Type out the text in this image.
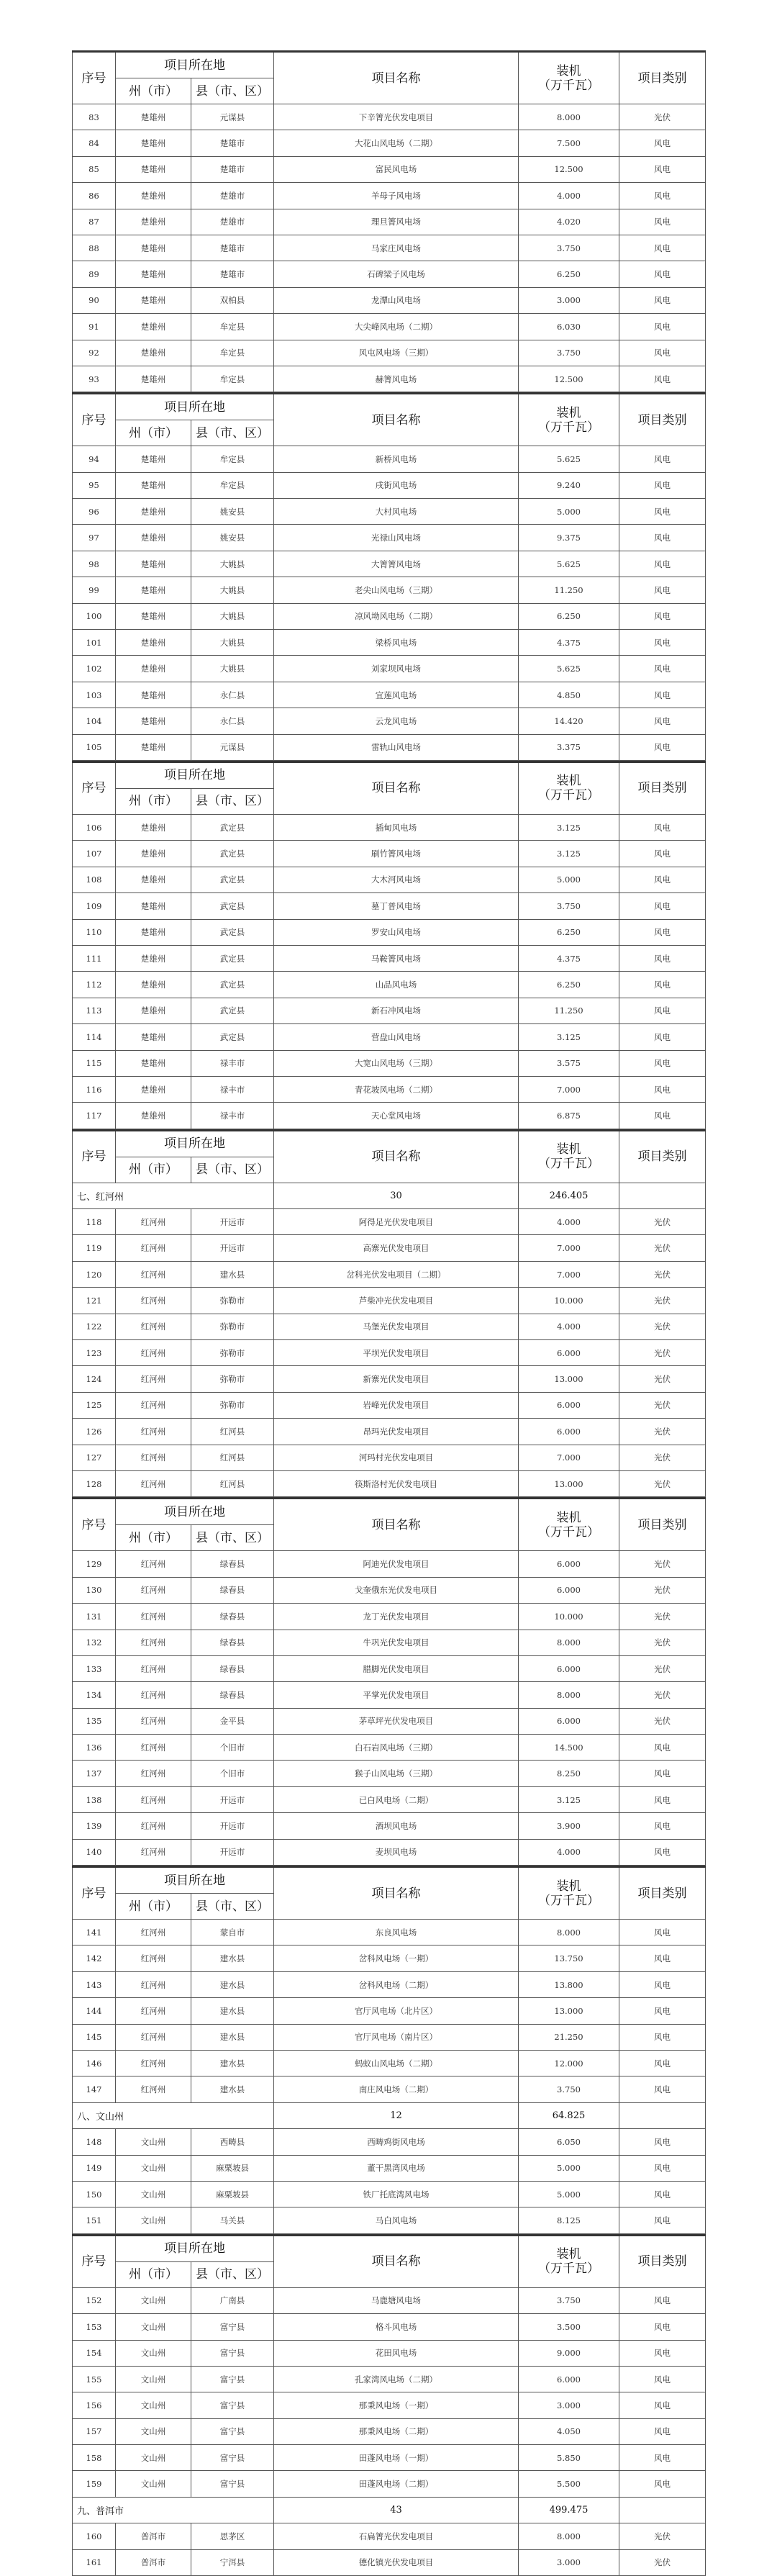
序号	项目所在地		项目名称	装机
（万千瓦）	项目类别
	州（市）	县（市、区）			
83	楚雄州	元谋县	下辛箐光伏发电项目	8.000	光伏
84	楚雄州	楚雄市	大花山风电场（二期）	7.500	风电
85	楚雄州	楚雄市	富民风电场	12.500	风电
86	楚雄州	楚雄市	羊母子风电场	4.000	风电
87	楚雄州	楚雄市	理旦箐风电场	4.020	风电
88	楚雄州	楚雄市	马家庄风电场	3.750	风电
89	楚雄州	楚雄市	石碑梁子风电场	6.250	风电
90	楚雄州	双柏县	龙潭山风电场	3.000	风电
91	楚雄州	牟定县	大尖峰风电场（二期）	6.030	风电
92	楚雄州	牟定县	风屯风电场（三期）	3.750	风电
93	楚雄州	牟定县	赫箐风电场	12.500	风电
序号	项目所在地		项目名称	装机
（万千瓦）	项目类别
	州（市）	县（市、区）			
94	楚雄州	牟定县	新桥风电场	5.625	风电
95	楚雄州	牟定县	戌街风电场	9.240	风电
96	楚雄州	姚安县	大村风电场	5.000	风电
97	楚雄州	姚安县	光禄山风电场	9.375	风电
98	楚雄州	大姚县	大箐箐风电场	5.625	风电
99	楚雄州	大姚县	老尖山风电场（三期）	11.250	风电
100	楚雄州	大姚县	凉风坳风电场（二期）	6.250	风电
101	楚雄州	大姚县	梁桥风电场	4.375	风电
102	楚雄州	大姚县	刘家坝风电场	5.625	风电
103	楚雄州	永仁县	宜莲风电场	4.850	风电
104	楚雄州	永仁县	云龙风电场	14.420	风电
105	楚雄州	元谋县	雷轨山风电场	3.375	风电
序号	项目所在地		项目名称	装机
（万千瓦）	项目类别
	州（市）	县（市、区）			
106	楚雄州	武定县	插甸风电场	3.125	风电
107	楚雄州	武定县	刷竹箐风电场	3.125	风电
108	楚雄州	武定县	大木河风电场	5.000	风电
109	楚雄州	武定县	墓丁普风电场	3.750	风电
110	楚雄州	武定县	罗安山风电场	6.250	风电
111	楚雄州	武定县	马鞍箐风电场	4.375	风电
112	楚雄州	武定县	山品风电场	6.250	风电
113	楚雄州	武定县	新石冲风电场	11.250	风电
114	楚雄州	武定县	营盘山风电场	3.125	风电
115	楚雄州	禄丰市	大宽山风电场（三期）	3.575	风电
116	楚雄州	禄丰市	青花坡风电场（二期）	7.000	风电
117	楚雄州	禄丰市	天心堂风电场	6.875	风电
序号	项目所在地		项目名称	装机
（万千瓦）	项目类别
	州（市）	县（市、区）			
七、红河州			30	246.405	
118	红河州	开远市	阿得足光伏发电项目	4.000	光伏
119	红河州	开远市	高寨光伏发电项目	7.000	光伏
120	红河州	建水县	岔科光伏发电项目（二期）	7.000	光伏
121	红河州	弥勒市	芦柴冲光伏发电项目	10.000	光伏
122	红河州	弥勒市	马堡光伏发电项目	4.000	光伏
123	红河州	弥勒市	平坝光伏发电项目	6.000	光伏
124	红河州	弥勒市	新寨光伏发电项目	13.000	光伏
125	红河州	弥勒市	岩峰光伏发电项目	6.000	光伏
126	红河州	红河县	昂玛光伏发电项目	6.000	光伏
127	红河州	红河县	河玛村光伏发电项目	7.000	光伏
128	红河州	红河县	筷斯洛村光伏发电项目	13.000	光伏
序号	项目所在地		项目名称	装机
（万千瓦）	项目类别
	州（市）	县（市、区）			
129	红河州	绿春县	阿迪光伏发电项目	6.000	光伏
130	红河州	绿春县	戈奎俄东光伏发电项目	6.000	光伏
131	红河州	绿春县	龙丁光伏发电项目	10.000	光伏
132	红河州	绿春县	牛巩光伏发电项目	8.000	光伏
133	红河州	绿春县	腊脚光伏发电项目	6.000	光伏
134	红河州	绿春县	平掌光伏发电项目	8.000	光伏
135	红河州	金平县	茅草坪光伏发电项目	6.000	光伏
136	红河州	个旧市	白石岩风电场（三期）	14.500	风电
137	红河州	个旧市	猴子山风电场（三期）	8.250	风电
138	红河州	开远市	已白风电场（二期）	3.125	风电
139	红河州	开远市	酒坝风电场	3.900	风电
140	红河州	开远市	麦坝风电场	4.000	风电
序号	项目所在地		项目名称	装机
（万千瓦）	项目类别
	州（市）	县（市、区）			
141	红河州	蒙自市	东良风电场	8.000	风电
142	红河州	建水县	岔科风电场（一期）	13.750	风电
143	红河州	建水县	岔科风电场（二期）	13.800	风电
144	红河州	建水县	官厅风电场（北片区）	13.000	风电
145	红河州	建水县	官厅风电场（南片区）	21.250	风电
146	红河州	建水县	蚂蚁山风电场（二期）	12.000	风电
147	红河州	建水县	南庄风电场（二期）	3.750	风电
八、文山州			12	64.825	
148	文山州	西畴县	西畴鸡街风电场	6.050	风电
149	文山州	麻栗坡县	董干黑湾风电场	5.000	风电
150	文山州	麻栗坡县	铁厂托底湾风电场	5.000	风电
151	文山州	马关县	马白风电场	8.125	风电
序号	项目所在地		项目名称	装机
（万千瓦）	项目类别
	州（市）	县（市、区）			
152	文山州	广南县	马鹿塘风电场	3.750	风电
153	文山州	富宁县	格斗风电场	3.500	风电
154	文山州	富宁县	花田风电场	9.000	风电
155	文山州	富宁县	孔家湾风电场（二期）	6.000	风电
156	文山州	富宁县	那秉风电场（一期）	3.000	风电
157	文山州	富宁县	那秉风电场（二期）	4.050	风电
158	文山州	富宁县	田蓬风电场（一期）	5.850	风电
159	文山州	富宁县	田蓬风电场（二期）	5.500	风电
九、普洱市			43	499.475	
160	普洱市	思茅区	石扁箐光伏发电项目	8.000	光伏
161	普洱市	宁洱县	德化镇光伏发电项目	3.000	光伏
